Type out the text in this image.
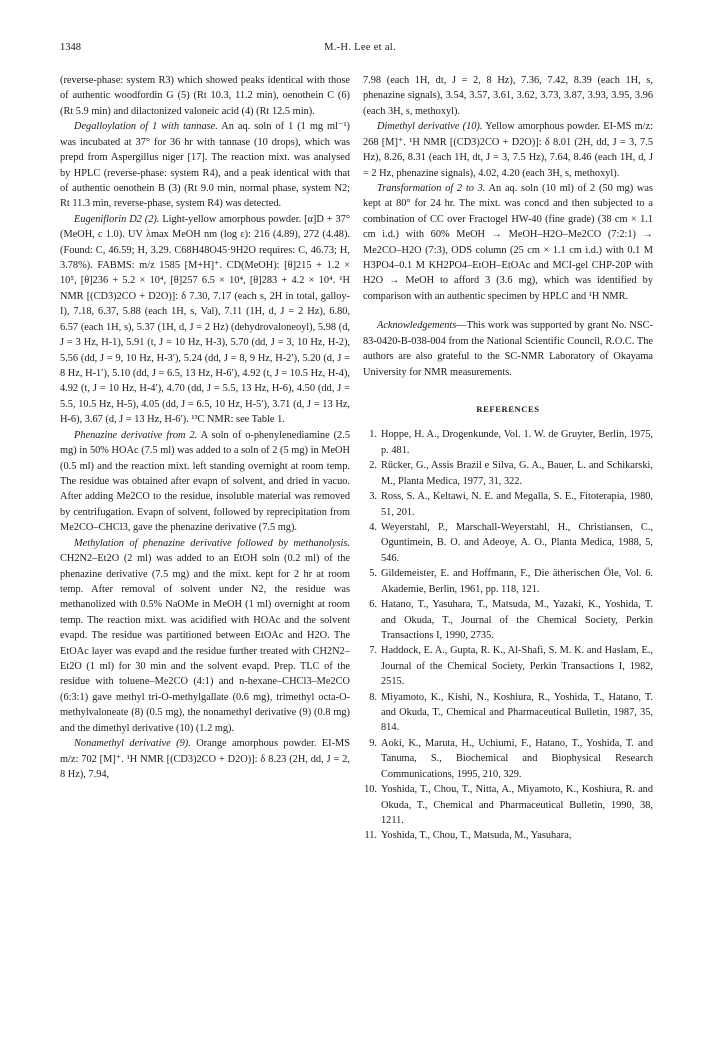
1348	M.-H. Lee et al.

(reverse-phase: system R3) which showed peaks identical with those of authentic woodfordin G (5) (Rt 10.3, 11.2 min), oenothein C (6) (Rt 5.9 min) and dilactonized valoneic acid (4) (Rt 12.5 min).

Degalloylation of 1 with tannase. An aq. soln of 1 (1 mg ml⁻¹) was incubated at 37° for 36 hr with tannase (10 drops), which was prepd from Aspergillus niger [17]. The reaction mixt. was analysed by HPLC (reverse-phase: system R4), and a peak identical with that of authentic oenothein B (3) (Rt 9.0 min, normal phase, system N2; Rt 11.3 min, reverse-phase, system R4) was detected.

Eugeniflorin D2 (2). Light-yellow amorphous powder. [α]D + 37° (MeOH, c 1.0). UV λmax MeOH nm (log ε): 216 (4.89), 272 (4.48). (Found: C, 46.59; H, 3.29. C68H48O45·9H2O requires: C, 46.73; H, 3.78%). FABMS: m/z 1585 [M+H]⁺. CD(MeOH): [θ]215 + 1.2 × 10⁵, [θ]236 + 5.2 × 10⁴, [θ]257 6.5 × 10⁴, [θ]283 + 4.2 × 10⁴. ¹H NMR [(CD3)2CO + D2O)]: δ 7.30, 7.17 (each s, 2H in total, galloy-I), 7.18, 6.37, 5.88 (each 1H, s, Val), 7.11 (1H, d, J = 2 Hz), 6.80, 6.57 (each 1H, s), 5.37 (1H, d, J = 2 Hz) (dehydrovaloneoyl), 5.98 (d, J = 3 Hz, H-1), 5.91 (t, J = 10 Hz, H-3), 5.70 (dd, J = 3, 10 Hz, H-2), 5.56 (dd, J = 9, 10 Hz, H-3′), 5.24 (dd, J = 8, 9 Hz, H-2′), 5.20 (d, J = 8 Hz, H-1′), 5.10 (dd, J = 6.5, 13 Hz, H-6′), 4.92 (t, J = 10.5 Hz, H-4), 4.92 (t, J = 10 Hz, H-4′), 4.70 (dd, J = 5.5, 13 Hz, H-6), 4.50 (dd, J = 5.5, 10.5 Hz, H-5), 4.05 (dd, J = 6.5, 10 Hz, H-5′), 3.71 (d, J = 13 Hz, H-6), 3.67 (d, J = 13 Hz, H-6′). ¹³C NMR: see Table 1.

Phenazine derivative from 2. A soln of o-phenylenediamine (2.5 mg) in 50% HOAc (7.5 ml) was added to a soln of 2 (5 mg) in MeOH (0.5 ml) and the reaction mixt. left standing overnight at room temp. The residue was obtained after evapn of solvent, and dried in vacuo. After adding Me2CO to the residue, insoluble material was removed by centrifugation. Evapn of solvent, followed by reprecipitation from Me2CO–CHCl3, gave the phenazine derivative (7.5 mg).

Methylation of phenazine derivative followed by methanolysis. CH2N2–Et2O (2 ml) was added to an EtOH soln (0.2 ml) of the phenazine derivative (7.5 mg) and the mixt. kept for 2 hr at room temp. After removal of solvent under N2, the residue was methanolized with 0.5% NaOMe in MeOH (1 ml) overnight at room temp. The reaction mixt. was acidified with HOAc and the solvent evapd. The residue was partitioned between EtOAc and H2O. The EtOAc layer was evapd and the residue further treated with CH2N2–Et2O (1 ml) for 30 min and the solvent evapd. Prep. TLC of the residue with toluene–Me2CO (4:1) and n-hexane–CHCl3–Me2CO (6:3:1) gave methyl tri-O-methylgallate (0.6 mg), trimethyl octa-O-methylvaloneate (8) (0.5 mg), the nonamethyl derivative (9) (0.8 mg) and the dimethyl derivative (10) (1.2 mg).

Nonamethyl derivative (9). Orange amorphous powder. EI-MS m/z: 702 [M]⁺. ¹H NMR [(CD3)2CO + D2O)]: δ 8.23 (2H, dd, J = 2, 8 Hz), 7.94,

7.98 (each 1H, dt, J = 2, 8 Hz), 7.36, 7.42, 8.39 (each 1H, s, phenazine signals), 3.54, 3.57, 3.61, 3.62, 3.73, 3.87, 3.93, 3.95, 3.96 (each 3H, s, methoxyl).

Dimethyl derivative (10). Yellow amorphous powder. EI-MS m/z: 268 [M]⁺. ¹H NMR [(CD3)2CO + D2O)]: δ 8.01 (2H, dd, J = 3, 7.5 Hz), 8.26, 8.31 (each 1H, dt, J = 3, 7.5 Hz), 7.64, 8.46 (each 1H, d, J = 2 Hz, phenazine signals), 4.02, 4.20 (each 3H, s, methoxyl).

Transformation of 2 to 3. An aq. soln (10 ml) of 2 (50 mg) was kept at 80° for 24 hr. The mixt. was concd and then subjected to a combination of CC over Fractogel HW-40 (fine grade) (38 cm × 1.1 cm i.d.) with 60% MeOH → MeOH–H2O–Me2CO (7:2:1) → Me2CO–H2O (7:3), ODS column (25 cm × 1.1 cm i.d.) with 0.1 M H3PO4–0.1 M KH2PO4–EtOH–EtOAc and MCI-gel CHP-20P with H2O → MeOH to afford 3 (3.6 mg), which was identified by comparison with an authentic specimen by HPLC and ¹H NMR.

Acknowledgements—This work was supported by grant No. NSC-83-0420-B-038-004 from the National Scientific Council, R.O.C. The authors are also grateful to the SC-NMR Laboratory of Okayama University for NMR measurements.

REFERENCES
1. Hoppe, H. A., Drogenkunde, Vol. 1. W. de Gruyter, Berlin, 1975, p. 481.
2. Rücker, G., Assis Brazil e Silva, G. A., Bauer, L. and Schikarski, M., Planta Medica, 1977, 31, 322.
3. Ross, S. A., Keltawi, N. E. and Megalla, S. E., Fitoterapia, 1980, 51, 201.
4. Weyerstahl, P., Marschall-Weyerstahl, H., Christiansen, C., Oguntimein, B. O. and Adeoye, A. O., Planta Medica, 1988, 5, 546.
5. Gildemeister, E. and Hoffmann, F., Die ätherischen Öle, Vol. 6. Akademie, Berlin, 1961, pp. 118, 121.
6. Hatano, T., Yasuhara, T., Matsuda, M., Yazaki, K., Yoshida, T. and Okuda, T., Journal of the Chemical Society, Perkin Transactions I, 1990, 2735.
7. Haddock, E. A., Gupta, R. K., Al-Shafi, S. M. K. and Haslam, E., Journal of the Chemical Society, Perkin Transactions I, 1982, 2515.
8. Miyamoto, K., Kishi, N., Koshiura, R., Yoshida, T., Hatano, T. and Okuda, T., Chemical and Pharmaceutical Bulletin, 1987, 35, 814.
9. Aoki, K., Maruta, H., Uchiumi, F., Hatano, T., Yoshida, T. and Tanuma, S., Biochemical and Biophysical Research Communications, 1995, 210, 329.
10. Yoshida, T., Chou, T., Nitta, A., Miyamoto, K., Koshiura, R. and Okuda, T., Chemical and Pharmaceutical Bulletin, 1990, 38, 1211.
11. Yoshida, T., Chou, T., Matsuda, M., Yasuhara,
